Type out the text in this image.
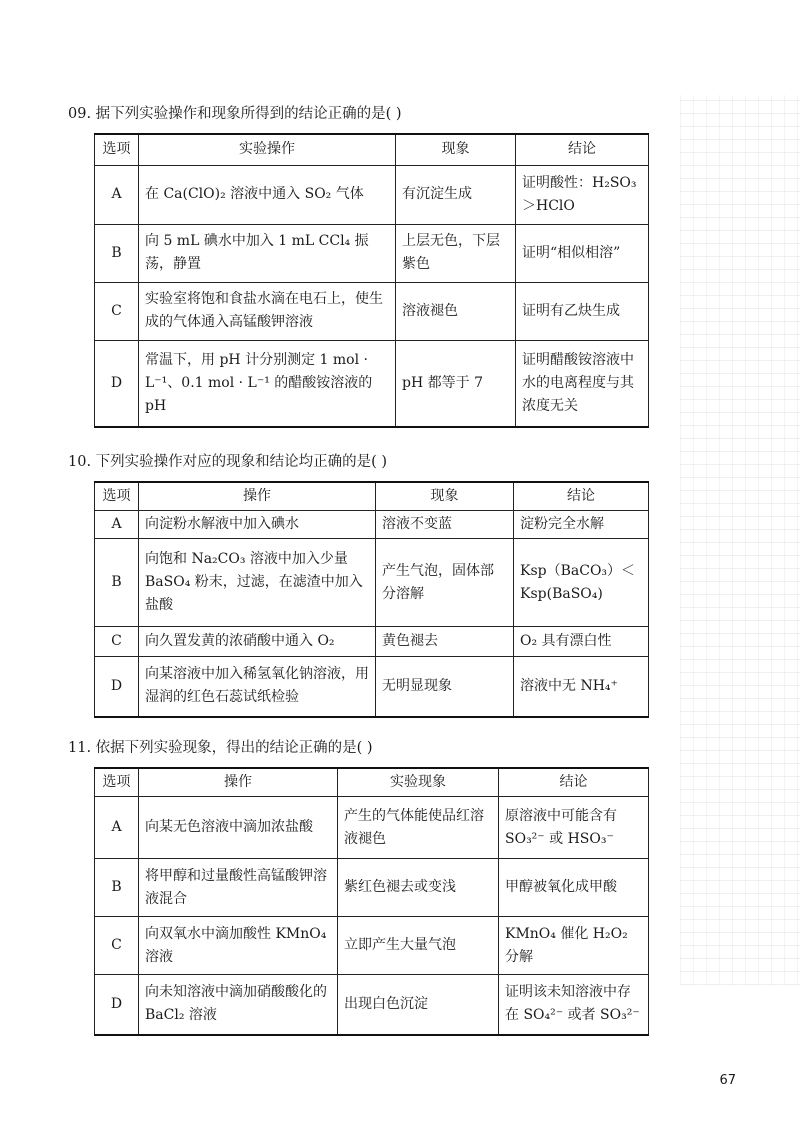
09. 据下列实验操作和现象所得到的结论正确的是( )
选项	实验操作	现象	结论
A	在 Ca(ClO)₂ 溶液中通入 SO₂ 气体	有沉淀生成	证明酸性：H₂SO₃＞HClO
B	向 5 mL 碘水中加入 1 mL CCl₄ 振荡，静置	上层无色，下层紫色	证明“相似相溶”
C	实验室将饱和食盐水滴在电石上，使生成的气体通入高锰酸钾溶液	溶液褪色	证明有乙炔生成
D	常温下，用 pH 计分别测定 1 mol · L⁻¹、0.1 mol · L⁻¹ 的醋酸铵溶液的 pH	pH 都等于 7	证明醋酸铵溶液中水的电离程度与其浓度无关
10. 下列实验操作对应的现象和结论均正确的是( )
选项	操作	现象	结论
A	向淀粉水解液中加入碘水	溶液不变蓝	淀粉完全水解
B	向饱和 Na₂CO₃ 溶液中加入少量 BaSO₄ 粉末，过滤，在滤渣中加入盐酸	产生气泡，固体部分溶解	Ksp（BaCO₃）＜Ksp(BaSO₄)
C	向久置发黄的浓硝酸中通入 O₂	黄色褪去	O₂ 具有漂白性
D	向某溶液中加入稀氢氧化钠溶液，用湿润的红色石蕊试纸检验	无明显现象	溶液中无 NH₄⁺
11. 依据下列实验现象，得出的结论正确的是( )
选项	操作	实验现象	结论
A	向某无色溶液中滴加浓盐酸	产生的气体能使品红溶液褪色	原溶液中可能含有 SO₃²⁻ 或 HSO₃⁻
B	将甲醇和过量酸性高锰酸钾溶液混合	紫红色褪去或变浅	甲醇被氧化成甲酸
C	向双氧水中滴加酸性 KMnO₄ 溶液	立即产生大量气泡	KMnO₄ 催化 H₂O₂ 分解
D	向未知溶液中滴加硝酸酸化的 BaCl₂ 溶液	出现白色沉淀	证明该未知溶液中存在 SO₄²⁻ 或者 SO₃²⁻
67
